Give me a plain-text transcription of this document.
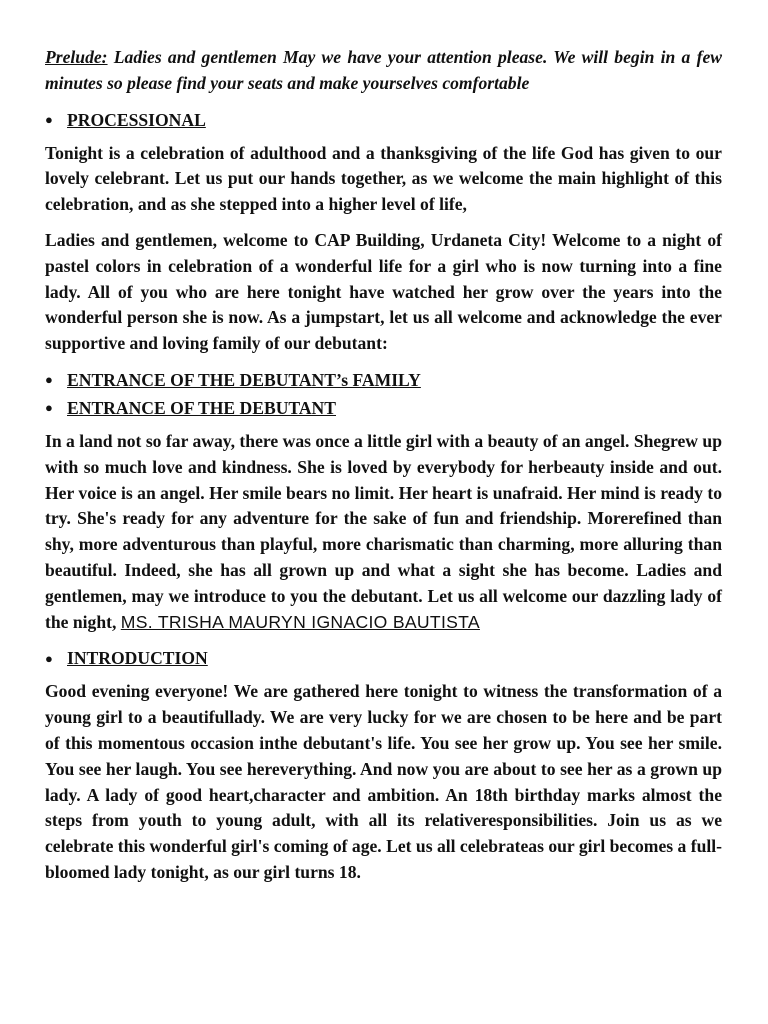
Prelude: Ladies and gentlemen May we have your attention please. We will begin in a few minutes so please find your seats and make yourselves comfortable

● PROCESSIONAL

Tonight is a celebration of adulthood and a thanksgiving of the life God has given to our lovely celebrant. Let us put our hands together, as we welcome the main highlight of this celebration, and as she stepped into a higher level of life,

Ladies and gentlemen, welcome to CAP Building, Urdaneta City! Welcome to a night of pastel colors in celebration of a wonderful life for a girl who is now turning into a fine lady. All of you who are here tonight have watched her grow over the years into the wonderful person she is now. As a jumpstart, let us all welcome and acknowledge the ever supportive and loving family of our debutant:

● ENTRANCE OF THE DEBUTANT’s FAMILY
● ENTRANCE OF THE DEBUTANT

In a land not so far away, there was once a little girl with a beauty of an angel. Shegrew up with so much love and kindness. She is loved by everybody for herbeauty inside and out. Her voice is an angel. Her smile bears no limit. Her heart is unafraid. Her mind is ready to try. She's ready for any adventure for the sake of fun and friendship. Morerefined than shy, more adventurous than playful, more charismatic than charming, more alluring than beautiful. Indeed, she has all grown up and what a sight she has become. Ladies and gentlemen, may we introduce to you the debutant. Let us all welcome our dazzling lady of the night, MS. TRISHA MAURYN IGNACIO BAUTISTA

● INTRODUCTION

Good evening everyone! We are gathered here tonight to witness the transformation of a young girl to a beautifullady. We are very lucky for we are chosen to be here and be part of this momentous occasion inthe debutant's life. You see her grow up. You see her smile. You see her laugh. You see hereverything. And now you are about to see her as a grown up lady. A lady of good heart,character and ambition. An 18th birthday marks almost the steps from youth to young adult, with all its relativeresponsibilities. Join us as we celebrate this wonderful girl's coming of age. Let us all celebrateas our girl becomes a full-bloomed lady tonight, as our girl turns 18.
